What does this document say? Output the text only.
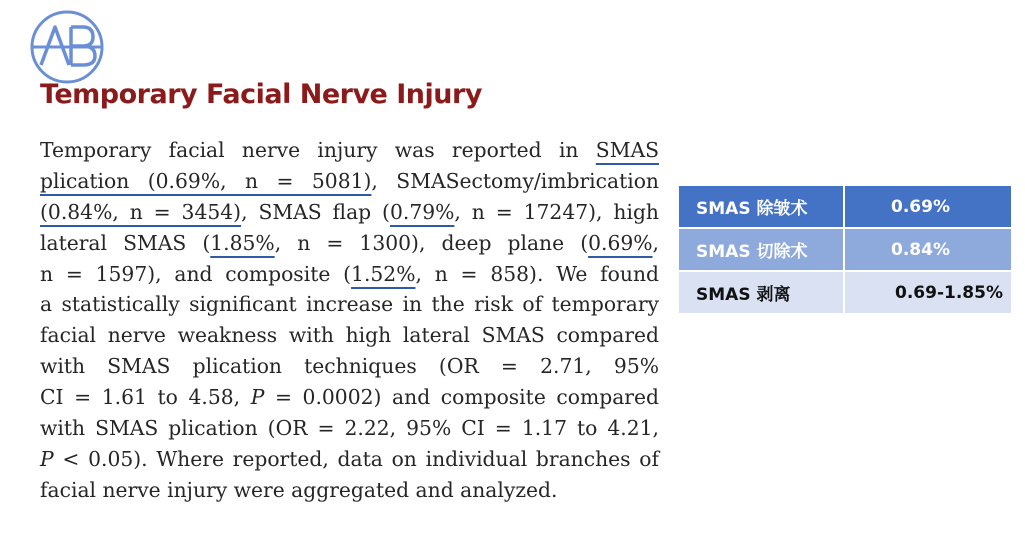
Temporary Facial Nerve Injury
Temporary facial nerve injury was reported in SMAS
plication (0.69%, n = 5081), SMASectomy/imbrication
(0.84%, n = 3454), SMAS flap (0.79%, n = 17247), high
lateral SMAS (1.85%, n = 1300), deep plane (0.69%,
n = 1597), and composite (1.52%, n = 858). We found
a statistically significant increase in the risk of temporary
facial nerve weakness with high lateral SMAS compared
with SMAS plication techniques (OR = 2.71, 95%
CI = 1.61 to 4.58, P = 0.0002) and composite compared
with SMAS plication (OR = 2.22, 95% CI = 1.17 to 4.21,
P < 0.05). Where reported, data on individual branches of
facial nerve injury were aggregated and analyzed.
SMAS 除皱术	0.69%
SMAS 切除术	0.84%
SMAS 剥离	0.69-1.85%
